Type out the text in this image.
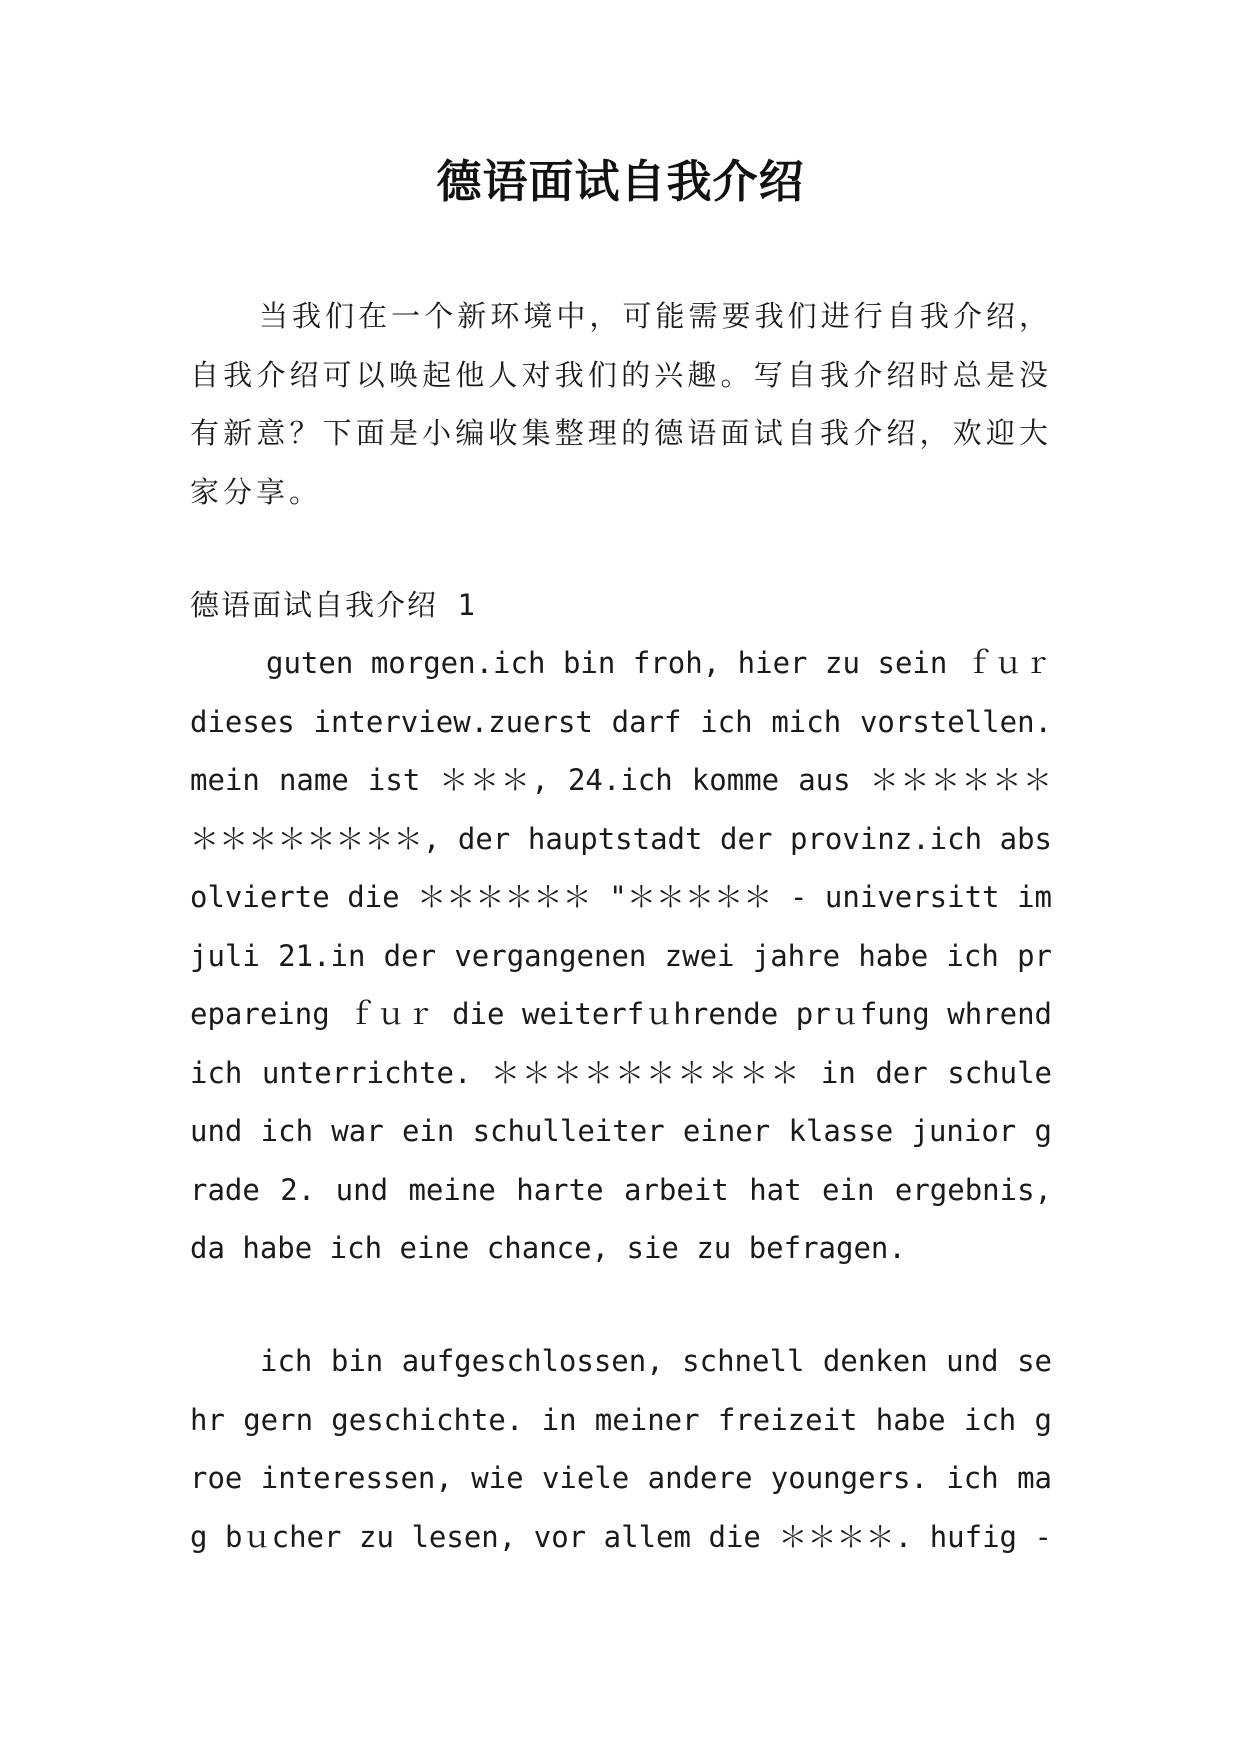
德语面试自我介绍

当我们在一个新环境中，可能需要我们进行自我介绍，自我介绍可以唤起他人对我们的兴趣。写自我介绍时总是没有新意？下面是小编收集整理的德语面试自我介绍，欢迎大家分享。

德语面试自我介绍 1

guten morgen.ich bin froh, hier zu sein ｆｕｒ dieses interview.zuerst darf ich mich vorstellen.mein name ist ＊＊＊, 24.ich komme aus ＊＊＊＊＊＊＊＊＊＊＊＊＊＊, der hauptstadt der provinz.ich absolvierte die ＊＊＊＊＊＊ "＊＊＊＊＊ - universitt im juli 21.in der vergangenen zwei jahre habe ich prepareing ｆｕｒ die weiterfｕhrende prｕfung whrend ich unterrichte. ＊＊＊＊＊＊＊＊＊＊ in der schule und ich war ein schulleiter einer klasse junior grade 2. und meine harte arbeit hat ein ergebnis, da habe ich eine chance, sie zu befragen.

ich bin aufgeschlossen, schnell denken und sehr gern geschichte. in meiner freizeit habe ich groe interessen, wie viele andere youngers. ich mag bｕcher zu lesen, vor allem die ＊＊＊＊. hufig -
